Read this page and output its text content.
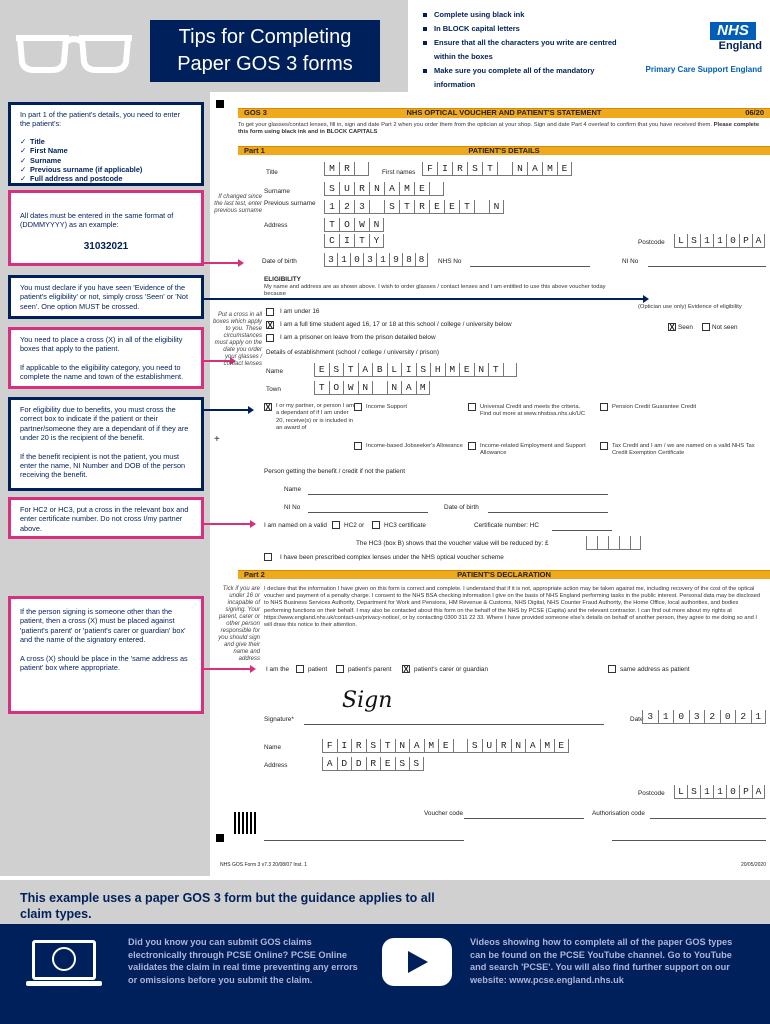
Tips for Completing
Paper GOS 3 forms
Complete using black ink
In BLOCK capital letters
Ensure that all the characters you write are centred within the boxes
Make sure you complete all of the mandatory information
NHS
England
Primary Care Support England
In part 1 of the patient's details, you need to enter the patient's:
✓ Title
✓ First Name
✓ Surname
✓ Previous surname (if applicable)
✓ Full address and postcode
All dates must be entered in the same format of (DDMMYYYY) as an example:
31032021
You must declare if you have seen 'Evidence of the patient's eligibility' or not, simply cross 'Seen' or 'Not seen'. One option MUST be crossed.

You need to place a cross (X) in all of the eligibility boxes that apply to the patient.

If applicable to the eligibility category, you need to complete the name and town of the establishment.

For eligibility due to benefits, you must cross the correct box to indicate if the patient or their partner/someone they are a dependant of if they are under 20 is the recipient of the benefit.

If the benefit recipient is not the patient, you must enter the name, NI Number and DOB of the person receiving the benefit.

For HC2 or HC3, put a cross in the relevant box and enter certificate number. Do not cross I/my partner above.

If the person signing is someone other than the patient, then a cross (X) must be placed against 'patient's parent' or 'patient's carer or guardian' box' and the name of the signatory entered.

A cross (X) should be place in the 'same address as patient' box where appropriate.

GOS 3	NHS OPTICAL VOUCHER AND PATIENT'S STATEMENT	06/20
To get your glasses/contact lenses, fill in, sign and date Part 2 when you order them from the optician at your shop. Sign and date Part 4 overleaf to confirm that you have received them. Please complete this form using black ink and in BLOCK CAPITALS
Part 1	PATIENT'S DETAILS
Title	M R	First names	F I R S T	N A M E
If changed since the last test, enter previous surname
Surname	S U R N A M E
Previous surname	1 2 3	S T R E E T	N
Address	T O W N
C I T Y	Postcode	L S 1 1 0 P A
Date of birth	3 1 0 3 1 9 8 8	NHS No	NI No
ELIGIBILITY
My name and address are as shown above. I wish to order glasses / contact lenses and I am entitled to use this above voucher today because
(Optician use only) Evidence of eligibility
X Seen	Not seen
Put a cross in all boxes which apply to you. These circumstances must apply on the date you order your glasses / contact lenses
I am under 16
X I am a full time student aged 16, 17 or 18 at this school / college / university below
I am a prisoner on leave from the prison detailed below
Details of establishment (school / college / university / prison)
Name	E S T A B L I S H M E N T
Town	T O W N	N A M
X I or my partner, or person I am a dependant of if I am under 20, receive(s) or is included in an award of
+
Income Support	Universal Credit and meets the criteria. Find out more at www.nhsbsa.nhs.uk/UC
Pension Credit Guarantee Credit
Income-based Jobseeker's Allowance	Income-related Employment and Support Allowance
Tax Credit and I am / we are named on a valid NHS Tax Credit Exemption Certificate
Person getting the benefit / credit if not the patient
Name
NI No	Date of birth
I am named on a valid	HC2 or	HC3 certificate	Certificate number: HC
The HC3 (box B) shows that the voucher value will be reduced by: £
I have been prescribed complex lenses under the NHS optical voucher scheme
Part 2	PATIENT'S DECLARATION
Tick if you are under 16 or incapable of signing. Your parent, carer or other person responsible for you should sign and give their name and address
I declare that the information I have given on this form is correct and complete. I understand that if it is not, appropriate action may be taken against me, including recovery of the cost of the optical voucher and payment of a penalty charge. I consent to the NHS BSA checking information I give on the basis of NHS England performing tasks in the public interest. Personal data may be disclosed to NHS Business Services Authority, Department for Work and Pensions, HM Revenue & Customs, NHS Digital, NHS Counter Fraud Authority, the Home Office, local authorities, and bodies performing functions on their behalf. I may also be contacted about this form on the behalf of the NHS by PCSE (Capita) and the relevant contractor. I can find out more about my rights at https://www.england.nhs.uk/contact-us/privacy-notice/, or by contacting 0300 311 22 33. Where I have provided someone else's details on behalf of another person, they agree to me doing so and I will draw this notice to their attention.
I am the	patient	patient's parent X patient's carer or guardian	same address as patient
Sign
Signature*	Date 3	1	0	3	2	0	2 1
Name	F I R S T N A M E	S U R N A M E
Address	A D D R E S S
Postcode	L S 1 1 0 P A
Voucher code	Authorisation code
NHS GOS Form 3 v7.3 20/08/07 Inst. 1	20/05/2020
This example uses a paper GOS 3 form but the guidance applies to all claim types.
Did you know you can submit GOS claims electronically through PCSE Online? PCSE Online validates the claim in real time preventing any errors or omissions before you submit the claim.
Videos showing how to complete all of the paper GOS types can be found on the PCSE YouTube channel. Go to YouTube and search 'PCSE'. You will also find further support on our website: www.pcse.england.nhs.uk
